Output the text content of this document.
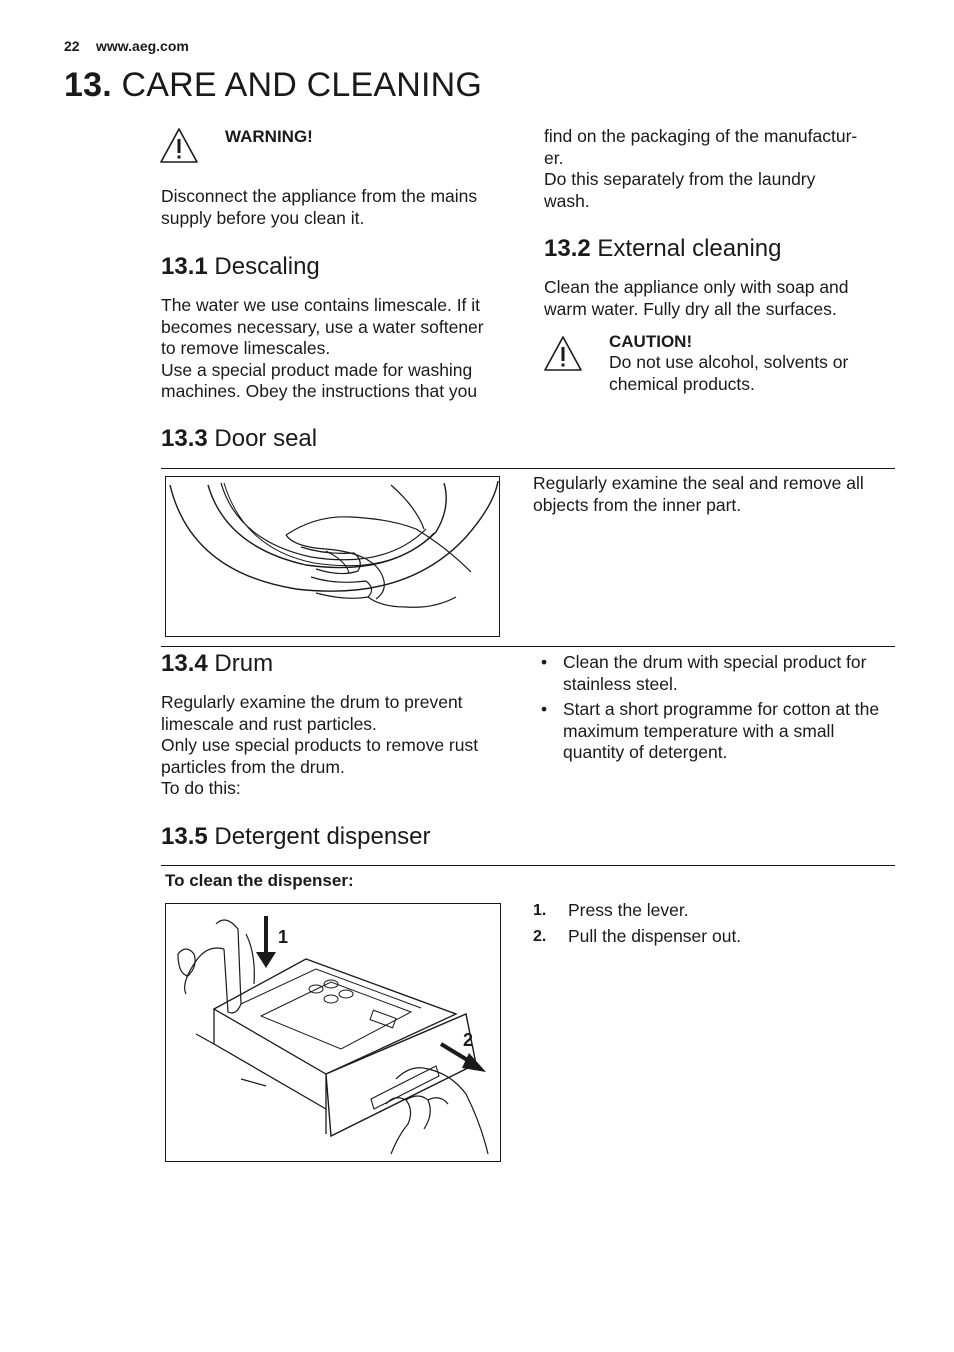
22 www.aeg.com
13. CARE AND CLEANING
WARNING!
Disconnect the appliance from the mains supply before you clean it.
13.1 Descaling
The water we use contains limescale. If it
becomes necessary, use a water softener
to remove limescales.
Use a special product made for washing
machines. Obey the instructions that you
find on the packaging of the manufactur-
er.
Do this separately from the laundry
wash.
13.2 External cleaning
Clean the appliance only with soap and warm water. Fully dry all the surfaces.
CAUTION!
Do not use alcohol, solvents or chemical products.
13.3 Door seal
Regularly examine the seal and remove all objects from the inner part.
13.4 Drum
Regularly examine the drum to prevent limescale and rust particles.
Only use special products to remove rust particles from the drum.
To do this:
• Clean the drum with special product for stainless steel.
• Start a short programme for cotton at the maximum temperature with a small quantity of detergent.
13.5 Detergent dispenser
To clean the dispenser:
1
2
1. Press the lever.
2. Pull the dispenser out.
